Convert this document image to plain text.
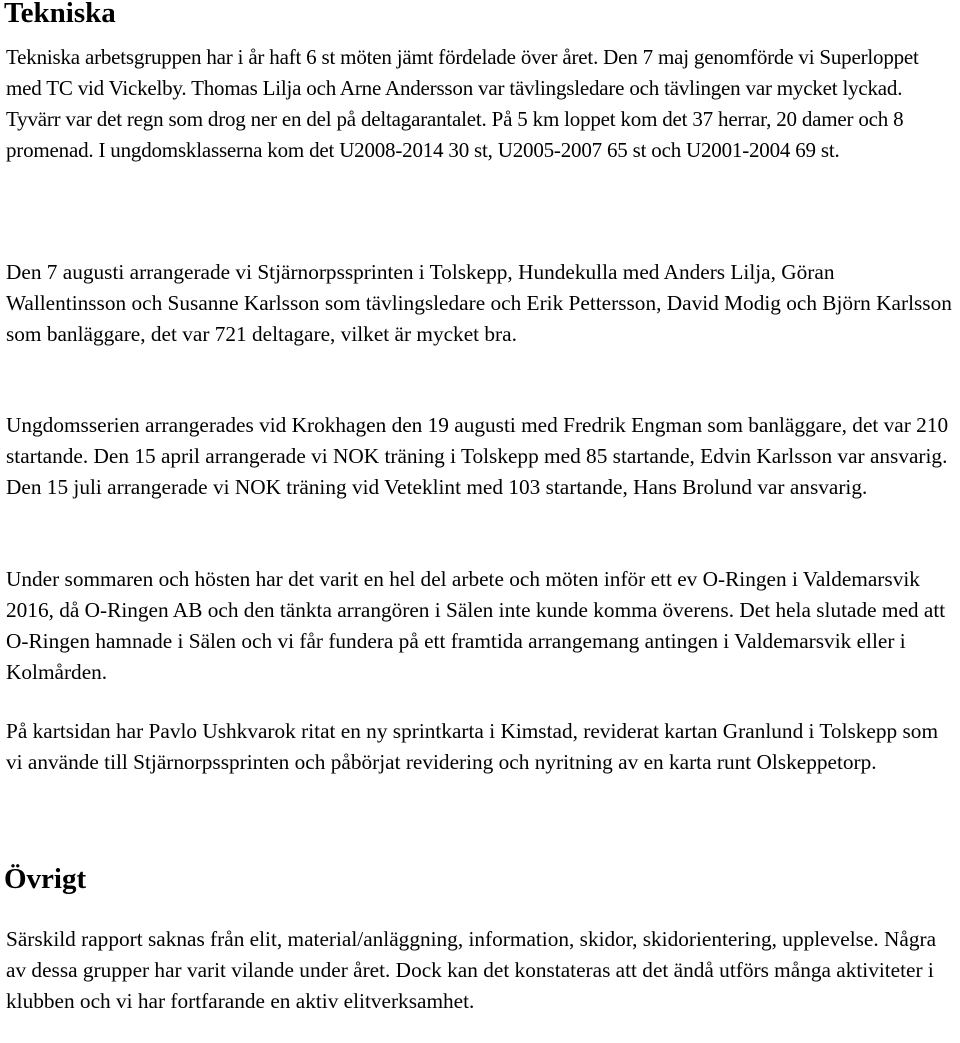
Tekniska

Tekniska arbetsgruppen har i år haft 6 st möten jämt fördelade över året. Den 7 maj genomförde vi Superloppet med TC vid Vickelby. Thomas Lilja och Arne Andersson var tävlingsledare och tävlingen var mycket lyckad. Tyvärr var det regn som drog ner en del på deltagarantalet. På 5 km loppet kom det 37 herrar, 20 damer och 8 promenad. I ungdomsklasserna kom det U2008-2014 30 st, U2005-2007 65 st och U2001-2004 69 st.

Den 7 augusti arrangerade vi Stjärnorpssprinten i Tolskepp, Hundekulla med Anders Lilja, Göran Wallentinsson och Susanne Karlsson som tävlingsledare och Erik Pettersson, David Modig och Björn Karlsson som banläggare, det var 721 deltagare, vilket är mycket bra.

Ungdomsserien arrangerades vid Krokhagen den 19 augusti med Fredrik Engman som banläggare, det var 210 startande. Den 15 april arrangerade vi NOK träning i Tolskepp med 85 startande, Edvin Karlsson var ansvarig. Den 15 juli arrangerade vi NOK träning vid Veteklint med 103 startande, Hans Brolund var ansvarig.

Under sommaren och hösten har det varit en hel del arbete och möten inför ett ev O-Ringen i Valdemarsvik 2016, då O-Ringen AB och den tänkta arrangören i Sälen inte kunde komma överens. Det hela slutade med att O-Ringen hamnade i Sälen och vi får fundera på ett framtida arrangemang antingen i Valdemarsvik eller i Kolmården.

På kartsidan har Pavlo Ushkvarok ritat en ny sprintkarta i Kimstad, reviderat kartan Granlund i Tolskepp som vi använde till Stjärnorpssprinten och påbörjat revidering och nyritning av en karta runt Olskeppetorp.

Övrigt

Särskild rapport saknas från elit, material/anläggning, information, skidor, skidorientering, upplevelse. Några av dessa grupper har varit vilande under året. Dock kan det konstateras att det ändå utförs många aktiviteter i klubben och vi har fortfarande en aktiv elitverksamhet.
